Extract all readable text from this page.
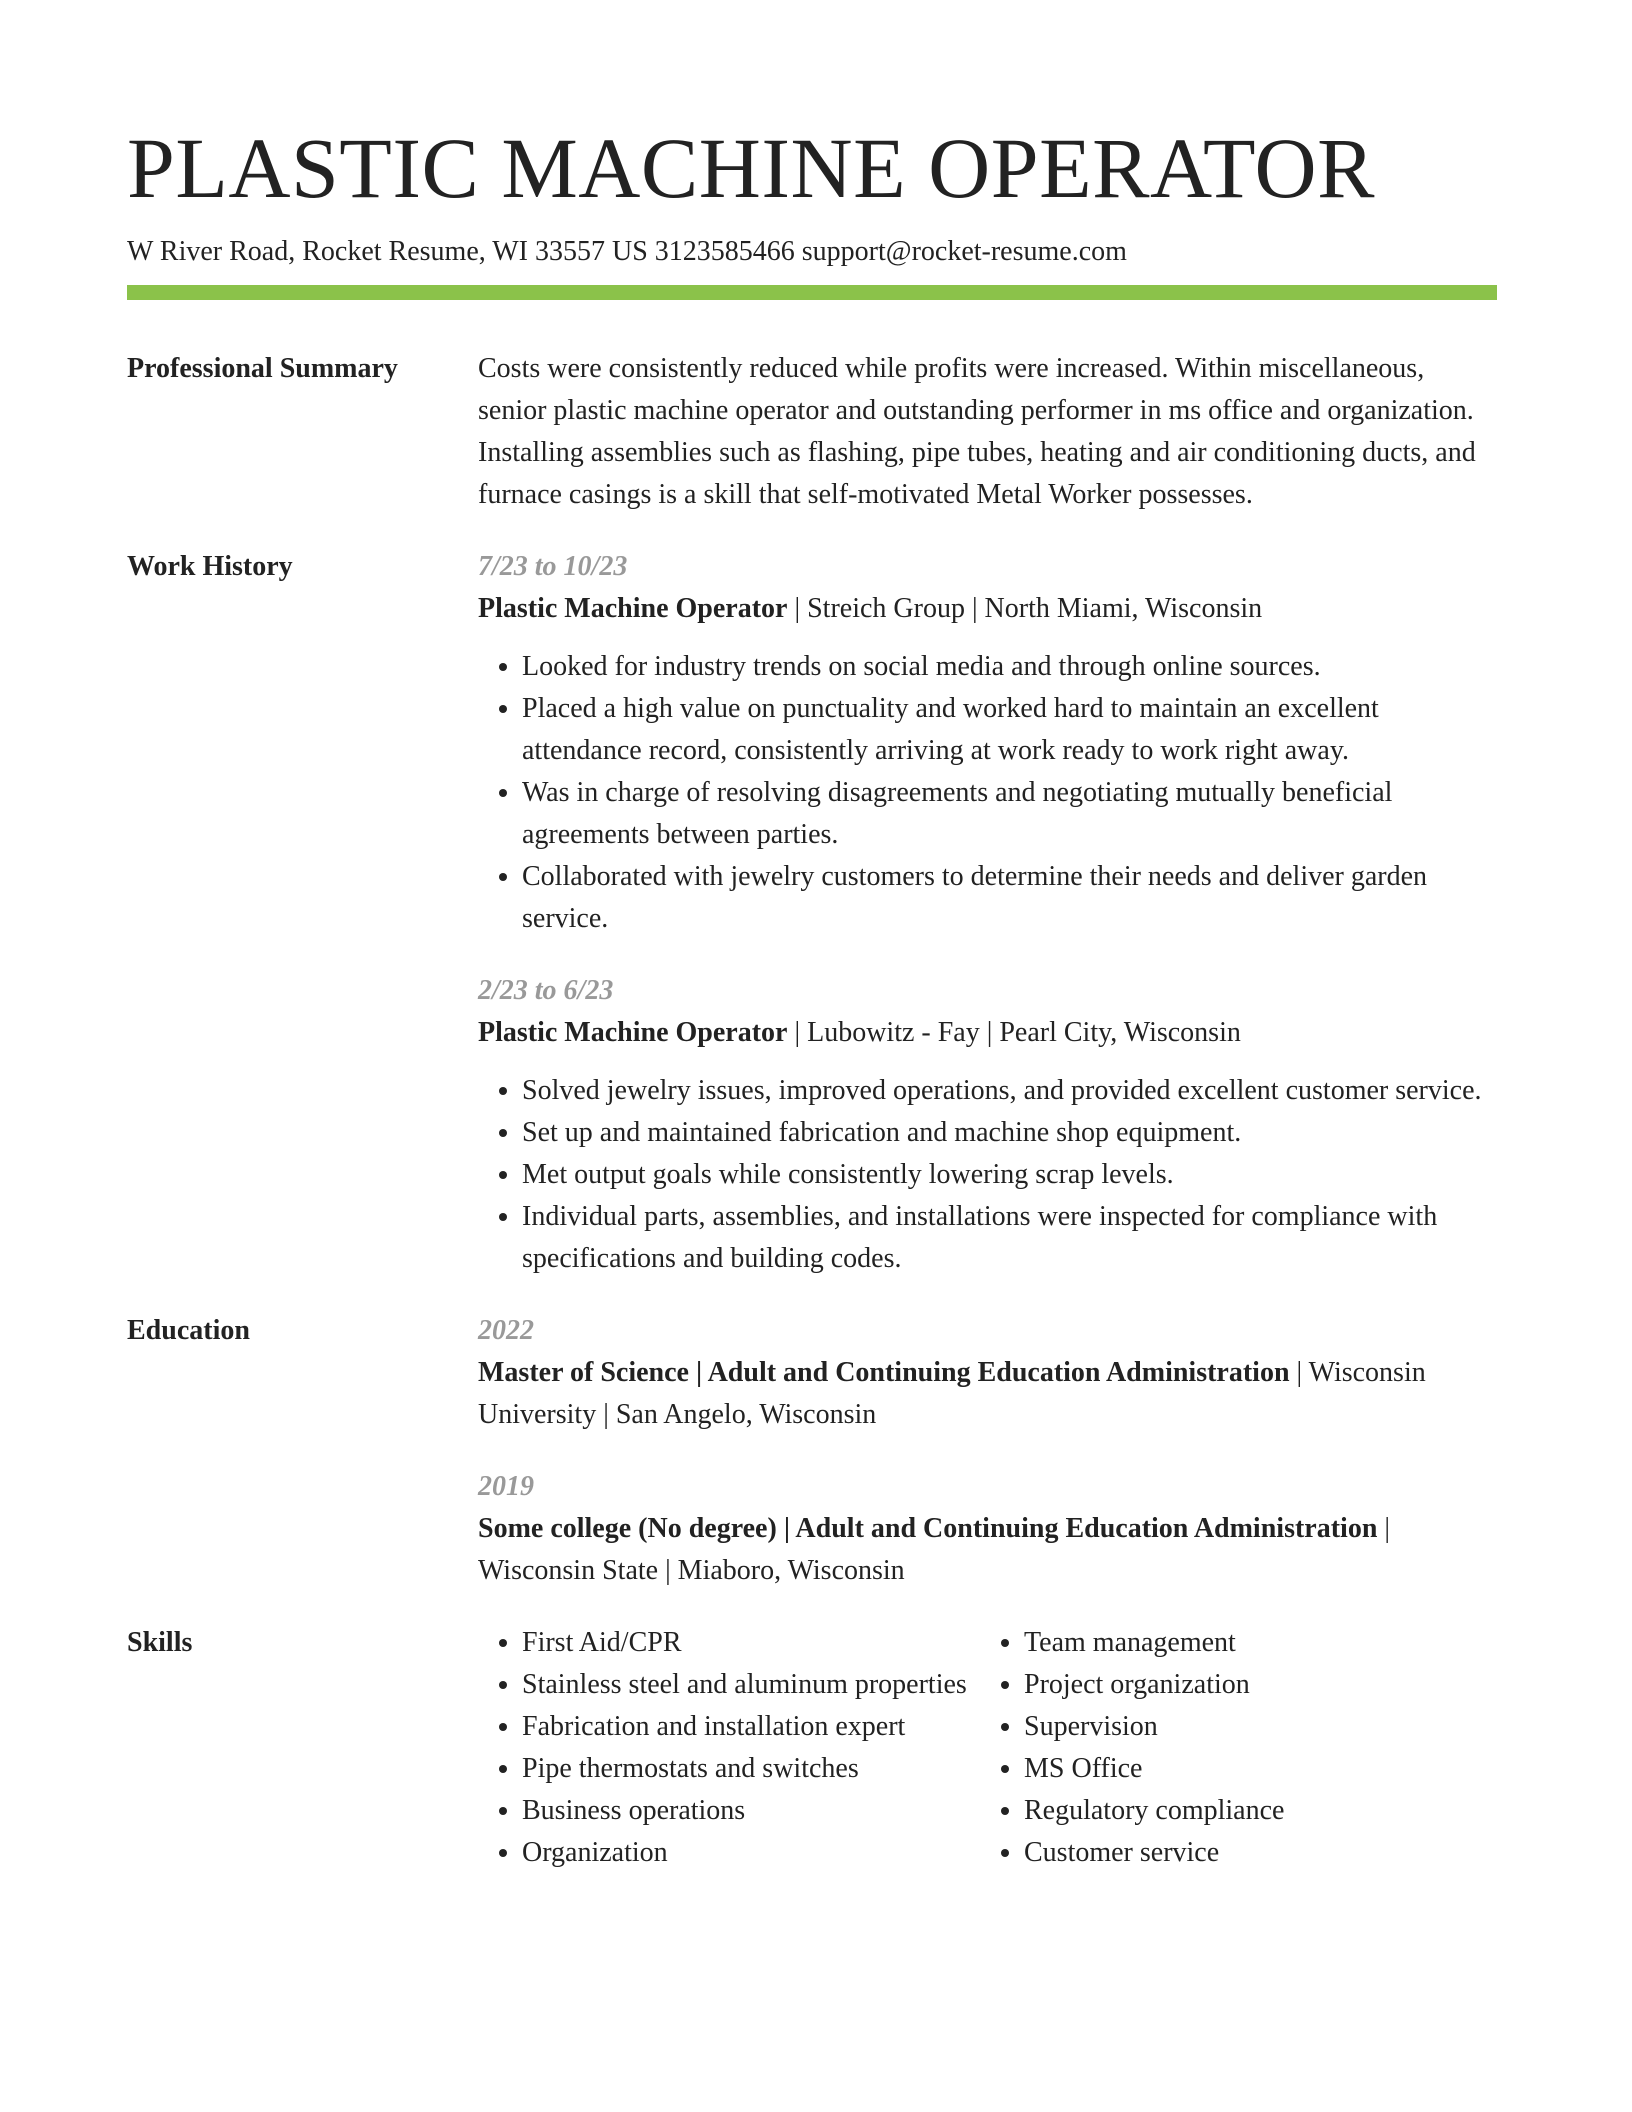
PLASTIC MACHINE OPERATOR
W River Road, Rocket Resume, WI 33557 US 3123585466 support@rocket-resume.com
Professional Summary	Costs were consistently reduced while profits were increased. Within miscellaneous, senior plastic machine operator and outstanding performer in ms office and organization. Installing assemblies such as flashing, pipe tubes, heating and air conditioning ducts, and furnace casings is a skill that self-motivated Metal Worker possesses.

Work History	7/23 to 10/23
Plastic Machine Operator | Streich Group | North Miami, Wisconsin
• Looked for industry trends on social media and through online sources.
• Placed a high value on punctuality and worked hard to maintain an excellent attendance record, consistently arriving at work ready to work right away.
• Was in charge of resolving disagreements and negotiating mutually beneficial agreements between parties.
• Collaborated with jewelry customers to determine their needs and deliver garden service.
2/23 to 6/23
Plastic Machine Operator | Lubowitz - Fay | Pearl City, Wisconsin
• Solved jewelry issues, improved operations, and provided excellent customer service.
• Set up and maintained fabrication and machine shop equipment.
• Met output goals while consistently lowering scrap levels.
• Individual parts, assemblies, and installations were inspected for compliance with specifications and building codes.
Education	2022
Master of Science | Adult and Continuing Education Administration | Wisconsin University | San Angelo, Wisconsin
2019
Some college (No degree) | Adult and Continuing Education Administration |  Wisconsin State | Miaboro, Wisconsin
Skills
•	First Aid/CPR
• Stainless steel and aluminum properties
• Fabrication and installation expert
• Pipe thermostats and switches
• Business operations
• Organization
• Team management
• Project organization
• Supervision
• MS Office
• Regulatory compliance
• Customer service
